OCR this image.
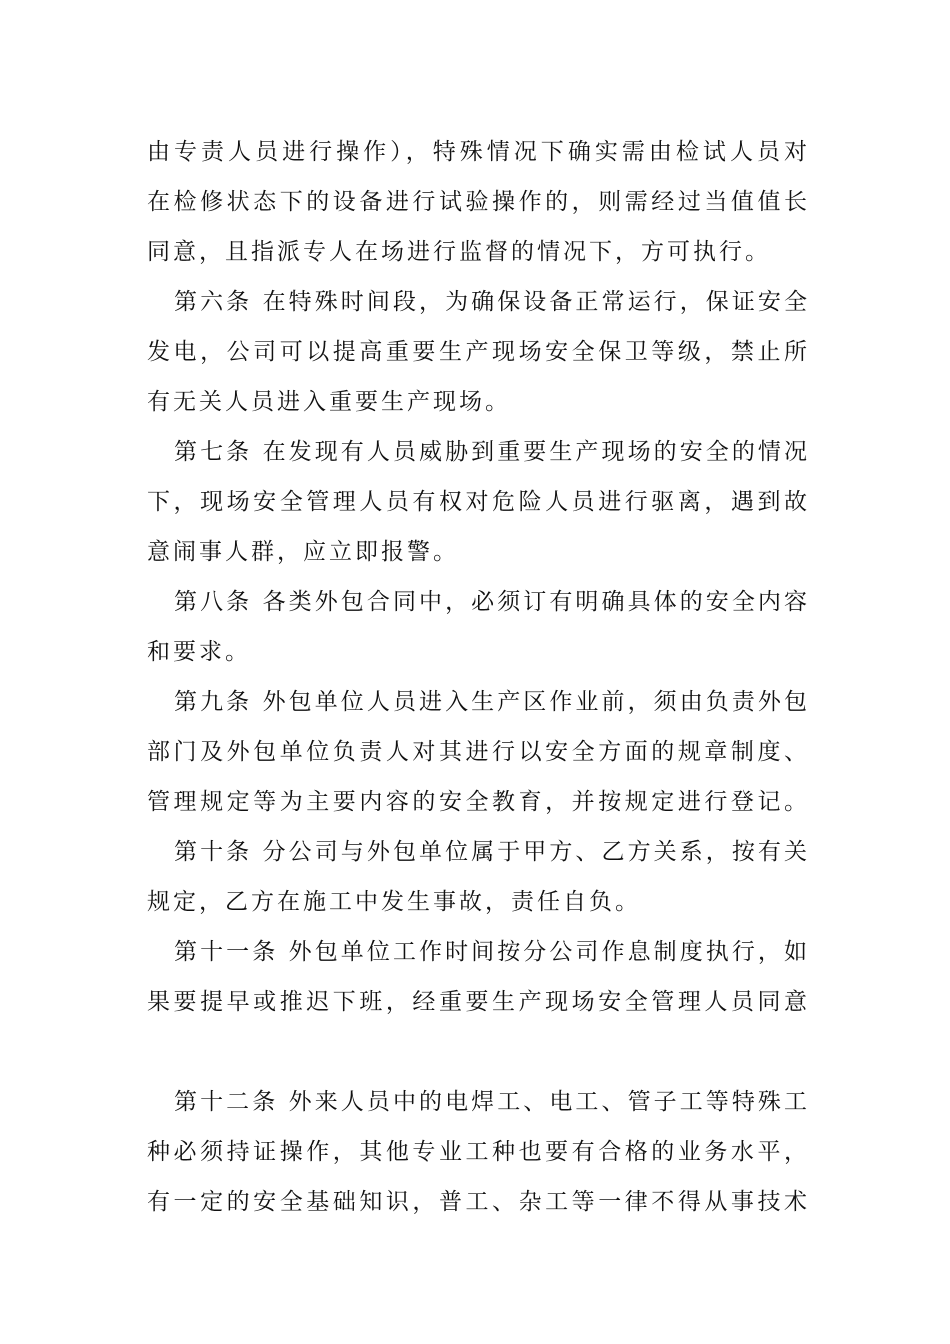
由专责人员进行操作），特殊情况下确实需由检试人员对
在检修状态下的设备进行试验操作的，则需经过当值值长
同意，且指派专人在场进行监督的情况下，方可执行。
第六条 在特殊时间段，为确保设备正常运行，保证安全
发电，公司可以提高重要生产现场安全保卫等级，禁止所
有无关人员进入重要生产现场。
第七条 在发现有人员威胁到重要生产现场的安全的情况
下，现场安全管理人员有权对危险人员进行驱离，遇到故
意闹事人群，应立即报警。
第八条 各类外包合同中，必须订有明确具体的安全内容
和要求。
第九条 外包单位人员进入生产区作业前，须由负责外包
部门及外包单位负责人对其进行以安全方面的规章制度、
管理规定等为主要内容的安全教育，并按规定进行登记。
第十条 分公司与外包单位属于甲方、乙方关系，按有关
规定，乙方在施工中发生事故，责任自负。
第十一条 外包单位工作时间按分公司作息制度执行，如
果要提早或推迟下班，经重要生产现场安全管理人员同意
第十二条 外来人员中的电焊工、电工、管子工等特殊工
种必须持证操作，其他专业工种也要有合格的业务水平，
有一定的安全基础知识，普工、杂工等一律不得从事技术
